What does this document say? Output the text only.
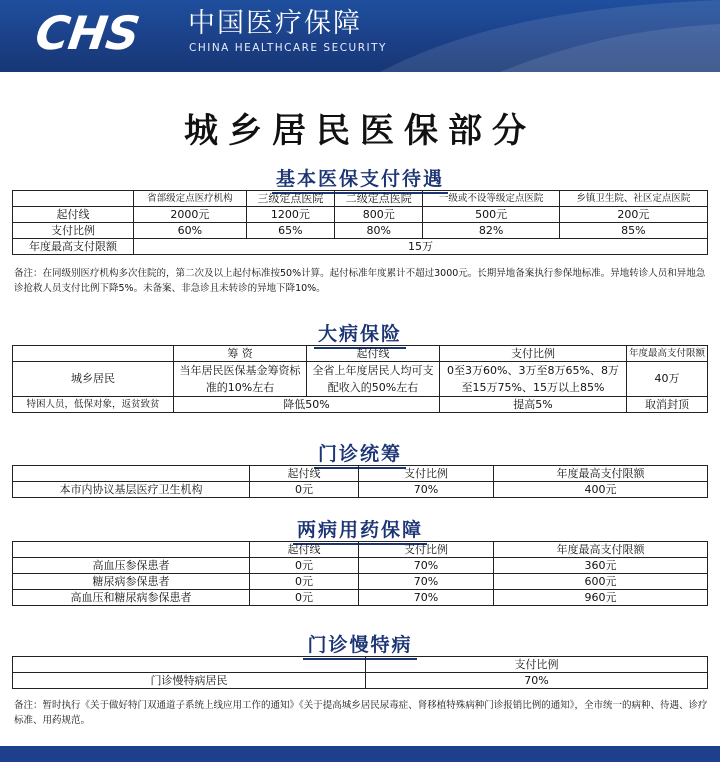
CHS 中国医疗保障
CHINA HEALTHCARE SECURITY
城乡居民医保部分
基本医保支付待遇
	省部级定点医疗机构	三级定点医院	二级定点医院	一级或不设等级定点医院	乡镇卫生院、社区定点医院
起付线	2000元	1200元	800元	500元	200元
支付比例	60%	65%	80%	82%	85%
年度最高支付限额	15万				
备注：在同级别医疗机构多次住院的，第二次及以上起付标准按50%计算。起付标准年度累计不超过3000元。长期异地备案执行参保地标准。异地转诊人员和异地急诊抢救人员支付比例下降5%。未备案、非急诊且未转诊的异地下降10%。
大病保险
	筹 资	起付线	支付比例	年度最高支付限额
城乡居民	当年居民医保基金筹资标准的10%左右	全省上年度居民人均可支配收入的50%左右	0至3万60%、3万至8万65%、8万至15万75%、15万以上85%	40万
特困人员，低保对象，返贫致贫	降低50%		提高5%	取消封顶
门诊统筹
	起付线	支付比例	年度最高支付限额
本市内协议基层医疗卫生机构	0元	70%	400元
两病用药保障
	起付线	支付比例	年度最高支付限额
高血压参保患者	0元	70%	360元
糖尿病参保患者	0元	70%	600元
高血压和糖尿病参保患者	0元	70%	960元
门诊慢特病
	支付比例
门诊慢特病居民	70%
备注：暂时执行《关于做好特门双通道子系统上线应用工作的通知》《关于提高城乡居民尿毒症、肾移植特殊病种门诊报销比例的通知》，全市统一的病种、待遇、诊疗标准、用药规范。
